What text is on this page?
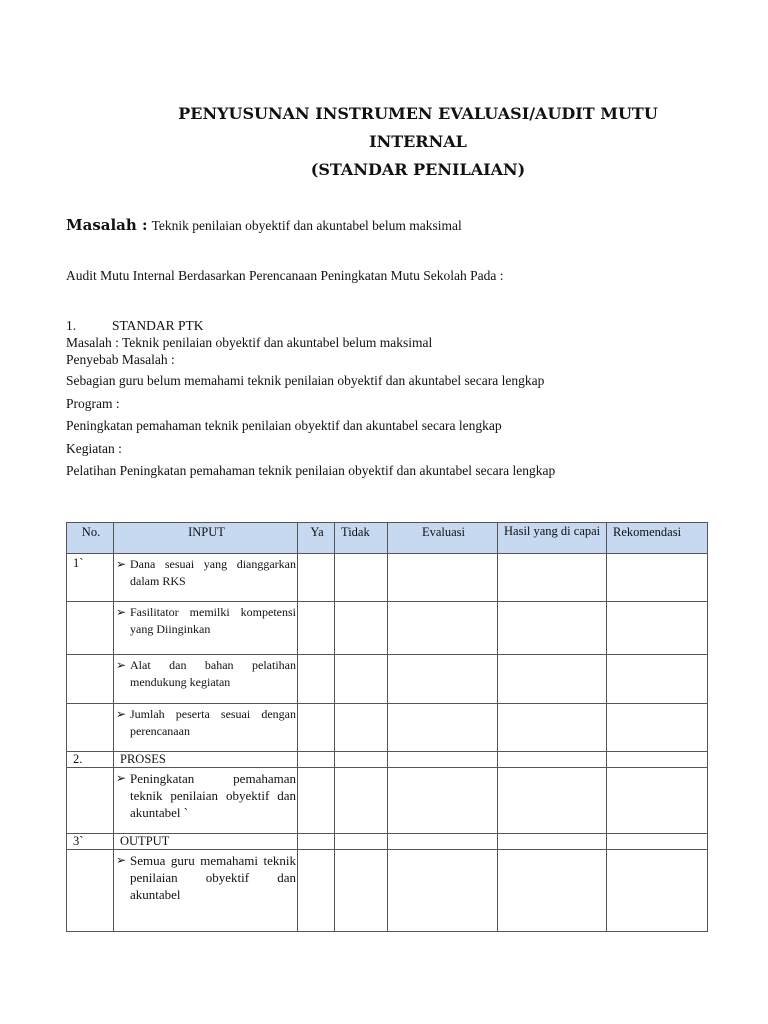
PENYUSUNAN INSTRUMEN EVALUASI/AUDIT MUTU
INTERNAL
(STANDAR PENILAIAN)
Masalah : Teknik penilaian obyektif dan akuntabel belum maksimal
Audit Mutu Internal Berdasarkan Perencanaan Peningkatan Mutu Sekolah Pada :
1.	STANDAR PTK
Masalah : Teknik penilaian obyektif dan akuntabel belum maksimal
Penyebab Masalah :
Sebagian guru belum memahami teknik penilaian obyektif dan akuntabel secara lengkap
Program :
Peningkatan pemahaman teknik penilaian obyektif dan akuntabel secara lengkap
Kegiatan :
Pelatihan Peningkatan pemahaman teknik penilaian obyektif dan akuntabel secara lengkap
No.	INPUT	Ya	Tidak	Evaluasi	Hasil yang di capai	Rekomendasi

1`	➢ Dana sesuai yang dianggarkan dalam RKS					

	➢ Fasilitator memilki kompetensi yang Diinginkan					

	➢ Alat dan bahan pelatihan mendukung kegiatan					

	➢ Jumlah peserta sesuai dengan perencanaan					

2.	PROSES					

	➢ Peningkatan pemahaman teknik penilaian obyektif dan akuntabel `					

3`	OUTPUT					

	➢ Semua guru memahami teknik penilaian obyektif dan akuntabel					
